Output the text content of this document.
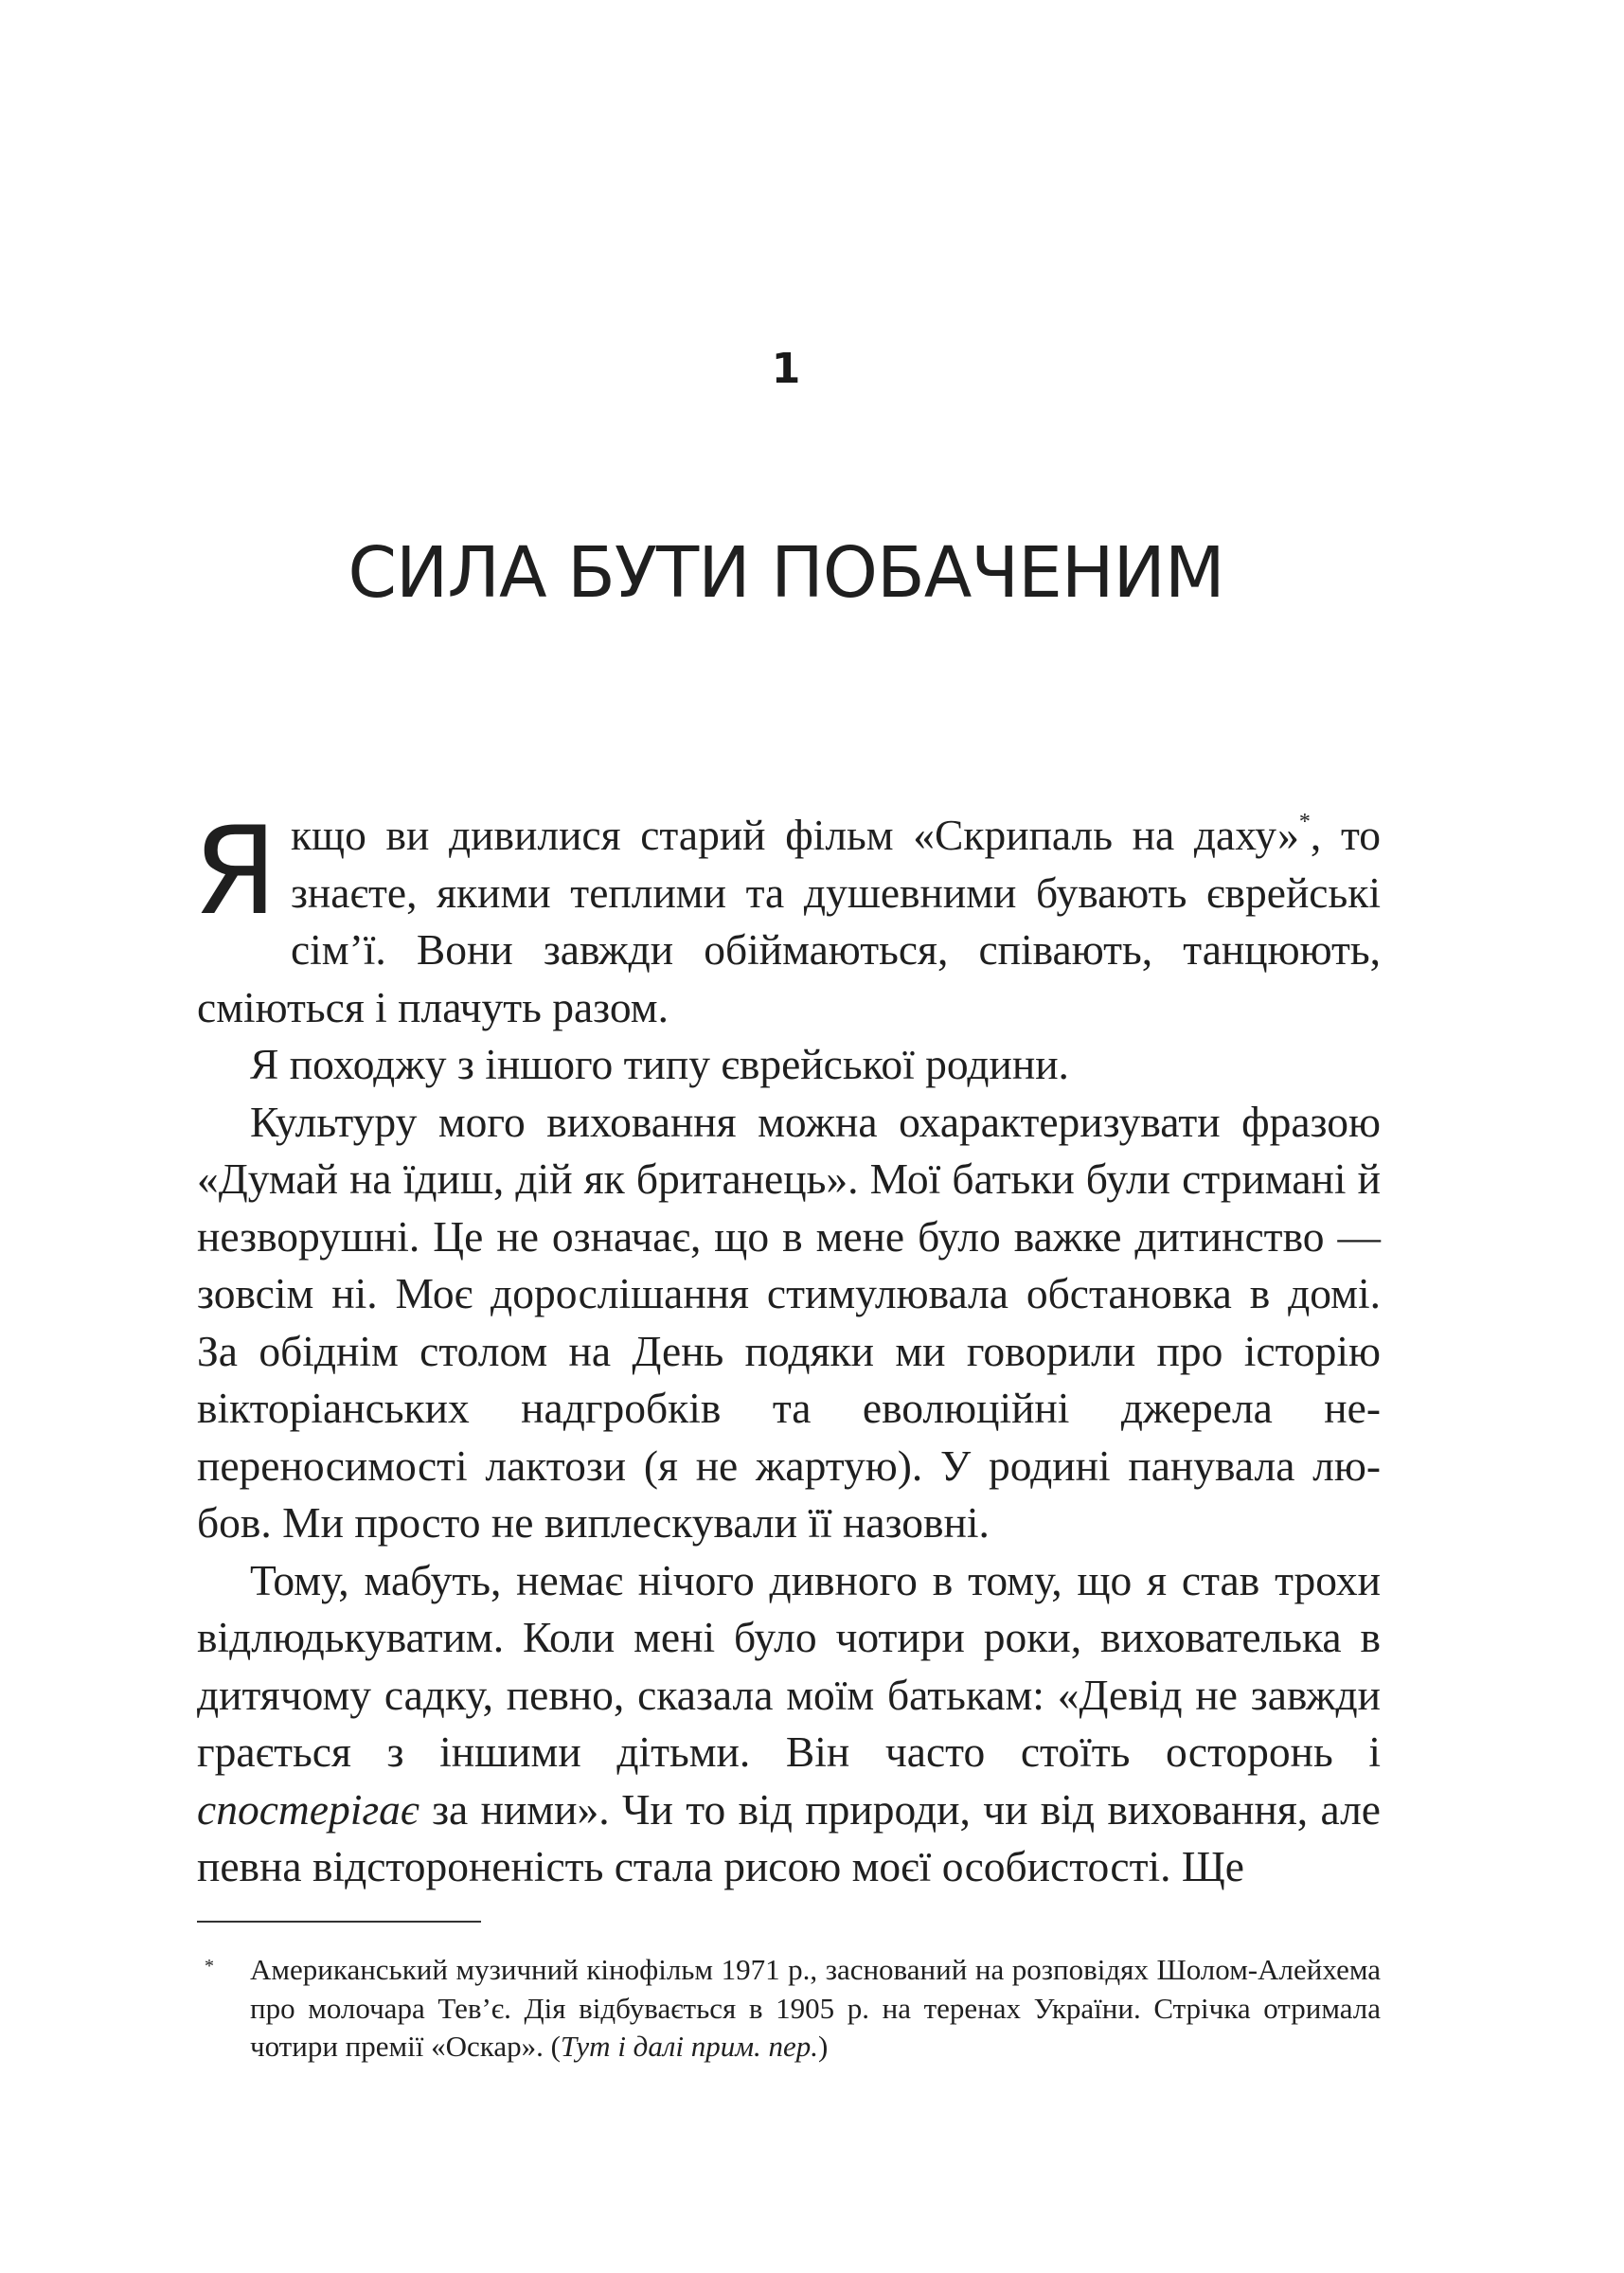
1
СИЛА БУТИ ПОБАЧЕНИМ

Якщо ви дивилися старий фільм «Скрипаль на даху»*, то знаєте, якими теплими та душевними бувають єврейські сім’ї. Вони завжди обіймаються, співають, танцюють, сміються і плачуть разом.

Я походжу з іншого типу єврейської родини.

Культуру мого виховання можна охарактеризувати фразою «Думай на їдиш, дій як британець». Мої батьки були стримані й незворушні. Це не означає, що в мене було важке дитинство — зовсім ні. Моє дорослішання стимулювала обстановка в домі. За обіднім столом на День подяки ми говорили про історію вікторіанських надгробків та еволюційні джерела непереносимості лактози (я не жартую). У родині панувала любов. Ми просто не виплескували її назовні.

Тому, мабуть, немає нічого дивного в тому, що я став трохи відлюдькуватим. Коли мені було чотири роки, вихователька в дитячому садку, певно, сказала моїм батькам: «Девід не завжди грається з іншими дітьми. Він часто стоїть осторонь і спостерігає за ними». Чи то від природи, чи від виховання, але певна відстороненість стала рисою моєї особистості. Ще

* Американський музичний кінофільм 1971 р., заснований на розповідях Шолом-Алейхема про молочара Тев’є. Дія відбувається в 1905 р. на теренах України. Стрічка отримала чотири премії «Оскар». (Тут і далі прим. пер.)
